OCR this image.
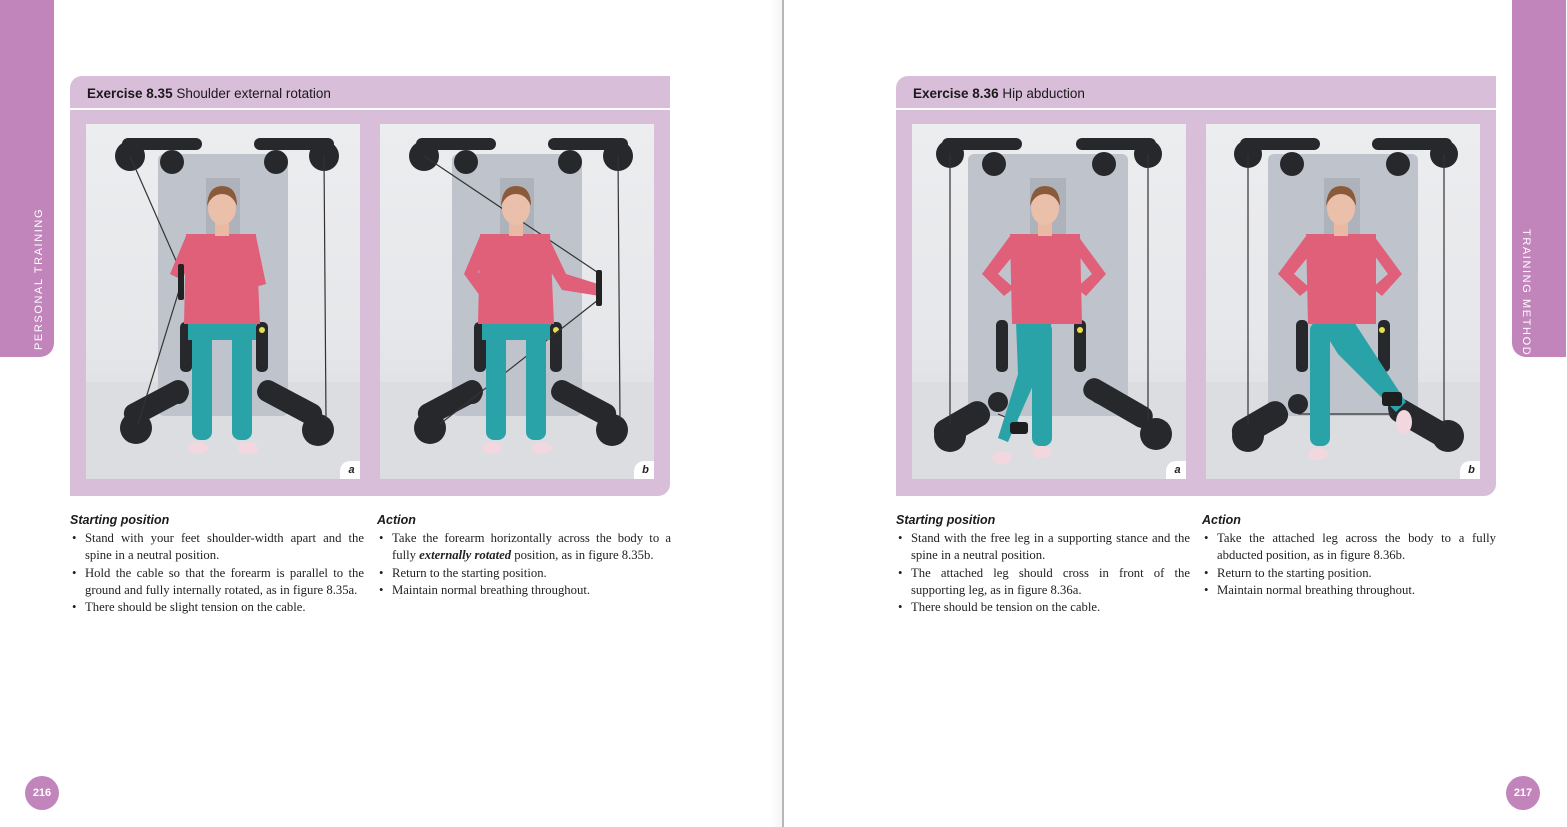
PERSONAL TRAINING	TRAINING METHODS
Exercise 8.35 Shoulder external rotation
a	b
Starting position
• Stand with your feet shoulder-width apart and the spine in a neutral position.
• Hold the cable so that the forearm is parallel to the ground and fully internally rotated, as in figure 8.35a.
• There should be slight tension on the cable.
Action
• Take the forearm horizontally across the body to a fully externally rotated position, as in figure 8.35b.
• Return to the starting position.
• Maintain normal breathing throughout.
Exercise 8.36 Hip abduction
a	b
Starting position
• Stand with the free leg in a supporting stance and the spine in a neutral position.
• The attached leg should cross in front of the supporting leg, as in figure 8.36a.
• There should be tension on the cable.
Action
• Take the attached leg across the body to a fully abducted position, as in figure 8.36b.
• Return to the starting position.
• Maintain normal breathing throughout.
216	217
